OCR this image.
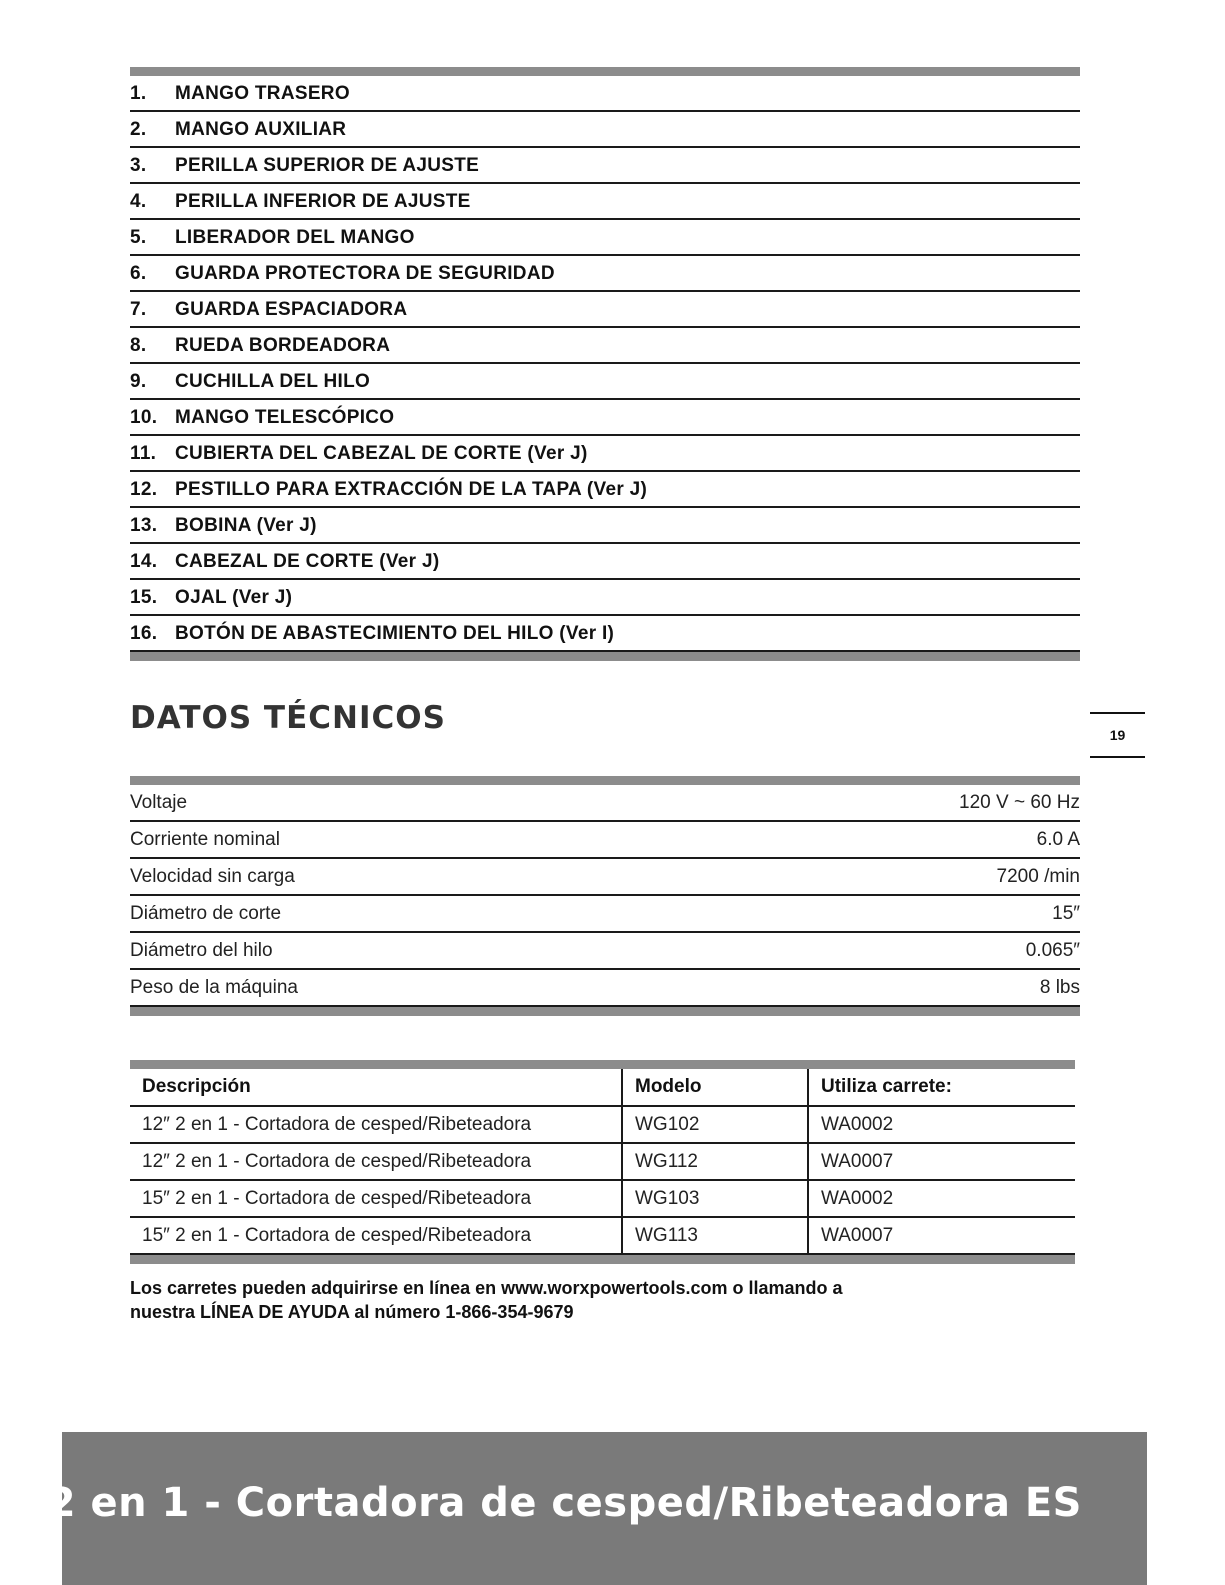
1. MANGO TRASERO
2. MANGO AUXILIAR
3. PERILLA SUPERIOR DE AJUSTE
4. PERILLA INFERIOR DE AJUSTE
5. LIBERADOR DEL MANGO
6. GUARDA PROTECTORA DE SEGURIDAD
7. GUARDA ESPACIADORA
8. RUEDA BORDEADORA
9. CUCHILLA DEL HILO
10. MANGO TELESCÓPICO
11. CUBIERTA DEL CABEZAL DE CORTE (Ver J)
12. PESTILLO PARA EXTRACCIÓN DE LA TAPA (Ver J)
13. BOBINA (Ver J)
14. CABEZAL DE CORTE (Ver J)
15. OJAL (Ver J)
16. BOTÓN DE ABASTECIMIENTO DEL HILO (Ver I)
19
DATOS TÉCNICOS
Voltaje	120 V ~ 60 Hz
Corriente nominal	6.0 A
Velocidad sin carga	7200 /min
Diámetro de corte	15″
Diámetro del hilo	0.065″
Peso de la máquina	8 lbs
Descripción	Modelo	Utiliza carrete:
12″ 2 en 1 - Cortadora de cesped/Ribeteadora	WG102	WA0002
12″ 2 en 1 - Cortadora de cesped/Ribeteadora	WG112	WA0007
15″ 2 en 1 - Cortadora de cesped/Ribeteadora	WG103	WA0002
15″ 2 en 1 - Cortadora de cesped/Ribeteadora	WG113	WA0007
Los carretes pueden adquirirse en línea en www.worxpowertools.com o llamando a
nuestra LÍNEA DE AYUDA al número 1-866-354-9679
2 en 1 - Cortadora de cesped/Ribeteadora ES
